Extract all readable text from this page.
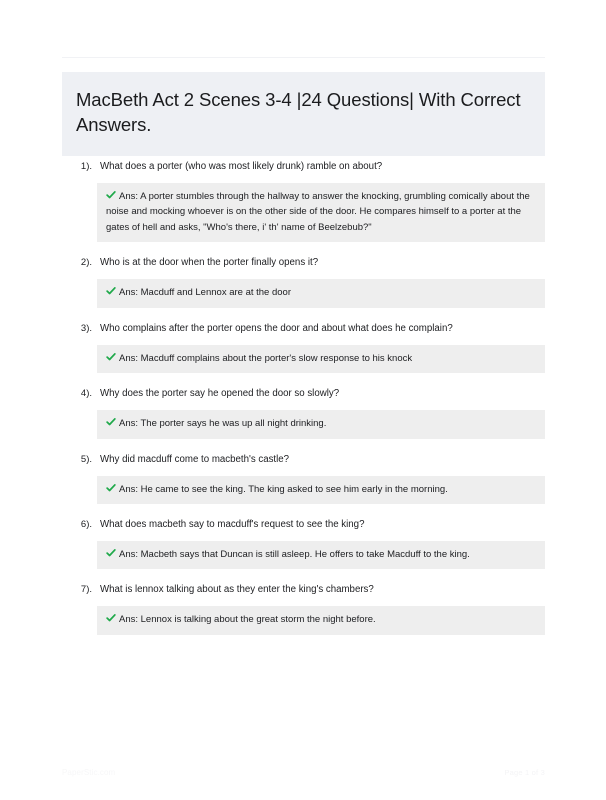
MacBeth Act 2 Scenes 3-4 |24 Questions| With Correct Answers.
1). What does a porter (who was most likely drunk) ramble on about?
Ans: A porter stumbles through the hallway to answer the knocking, grumbling comically about the noise and mocking whoever is on the other side of the door. He compares himself to a porter at the gates of hell and asks, "Who's there, i' th' name of Beelzebub?"
2). Who is at the door when the porter finally opens it?
Ans: Macduff and Lennox are at the door
3). Who complains after the porter opens the door and about what does he complain?
Ans: Macduff complains about the porter's slow response to his knock
4). Why does the porter say he opened the door so slowly?
Ans: The porter says he was up all night drinking.
5). Why did macduff come to macbeth's castle?
Ans: He came to see the king. The king asked to see him early in the morning.
6). What does macbeth say to macduff's request to see the king?
Ans: Macbeth says that Duncan is still asleep. He offers to take Macduff to the king.
7). What is lennox talking about as they enter the king's chambers?
Ans: Lennox is talking about the great storm the night before.
PaperStic.com	Page 1 of 3
